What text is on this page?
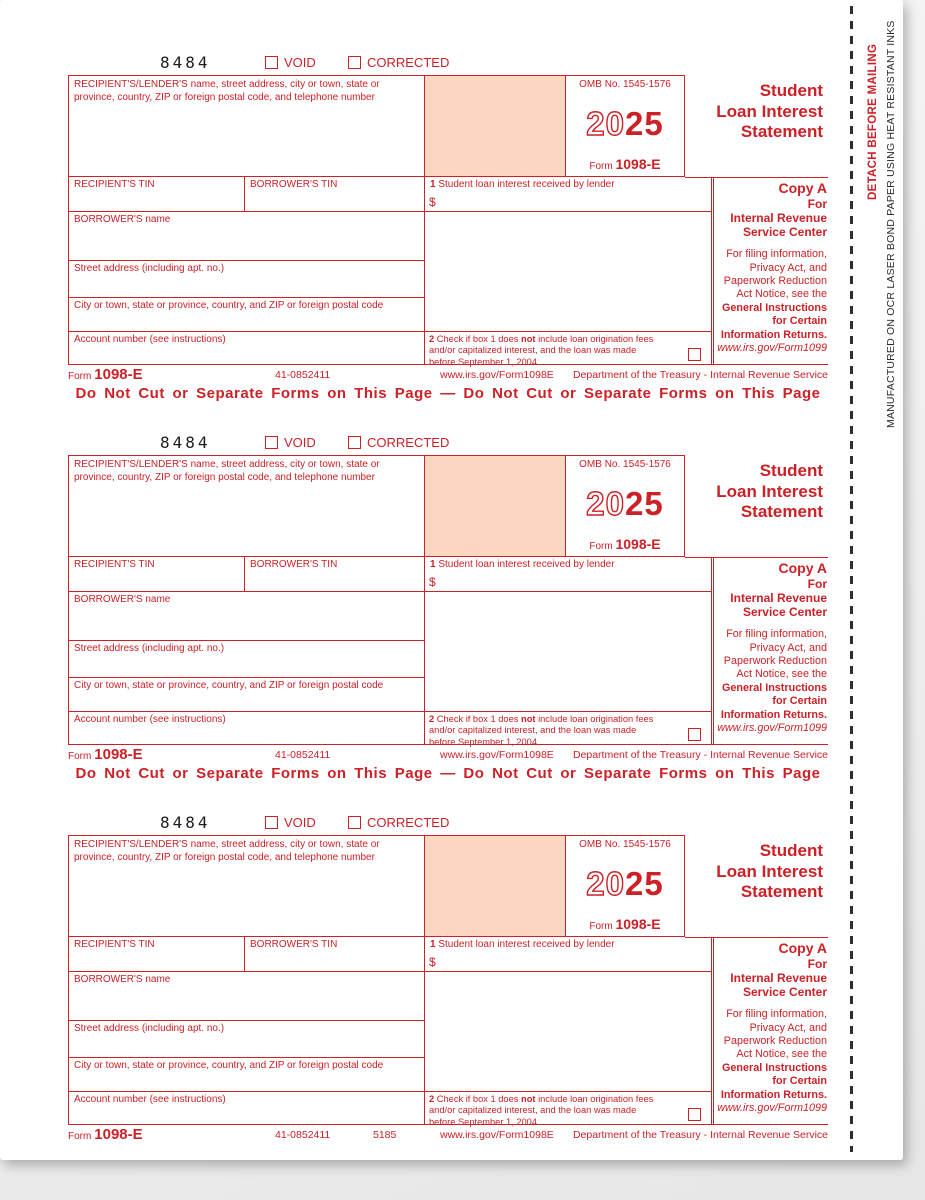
8484	VOID	CORRECTED
RECIPIENT'S/LENDER'S name, street address, city or town, state or province, country, ZIP or foreign postal code, and telephone number
OMB No. 1545-1576
2025
Form 1098-E
Student
Loan Interest
Statement
RECIPIENT'S TIN	BORROWER'S TIN
BORROWER'S name
Street address (including apt. no.)
City or town, state or province, country, and ZIP or foreign postal code
Account number (see instructions)
1 Student loan interest received by lender
$
2 Check if box 1 does not include loan origination fees
and/or capitalized interest, and the loan was made
before September 1, 2004 . . . . . . . . .
Copy A
For
Internal Revenue
Service Center
For filing information,
Privacy Act, and
Paperwork Reduction
Act Notice, see the
General Instructions
for Certain
Information Returns.
www.irs.gov/Form1099
Form 1098-E	41-0852411	www.irs.gov/Form1098E Department of the Treasury - Internal Revenue Service
Do Not Cut or Separate Forms on This Page — Do Not Cut or Separate Forms on This Page
8484	VOID	CORRECTED
RECIPIENT'S/LENDER'S name, street address, city or town, state or province, country, ZIP or foreign postal code, and telephone number
OMB No. 1545-1576
2025
Form 1098-E
Student
Loan Interest
Statement
RECIPIENT'S TIN	BORROWER'S TIN
BORROWER'S name
Street address (including apt. no.)
City or town, state or province, country, and ZIP or foreign postal code
Account number (see instructions)
1 Student loan interest received by lender
$
2 Check if box 1 does not include loan origination fees
and/or capitalized interest, and the loan was made
before September 1, 2004 . . . . . . . . .
Copy A
For
Internal Revenue
Service Center
For filing information,
Privacy Act, and
Paperwork Reduction
Act Notice, see the
General Instructions
for Certain
Information Returns.
www.irs.gov/Form1099
Form 1098-E	41-0852411	www.irs.gov/Form1098E Department of the Treasury - Internal Revenue Service
Do Not Cut or Separate Forms on This Page — Do Not Cut or Separate Forms on This Page
8484	VOID	CORRECTED
RECIPIENT'S/LENDER'S name, street address, city or town, state or province, country, ZIP or foreign postal code, and telephone number
OMB No. 1545-1576
2025
Form 1098-E
Student
Loan Interest
Statement
RECIPIENT'S TIN	BORROWER'S TIN
BORROWER'S name
Street address (including apt. no.)
City or town, state or province, country, and ZIP or foreign postal code
Account number (see instructions)
1 Student loan interest received by lender
$
2 Check if box 1 does not include loan origination fees
and/or capitalized interest, and the loan was made
before September 1, 2004 . . . . . . . . .
Copy A
For
Internal Revenue
Service Center
For filing information,
Privacy Act, and
Paperwork Reduction
Act Notice, see the
General Instructions
for Certain
Information Returns.
www.irs.gov/Form1099
Form 1098-E	41-0852411	5185	www.irs.gov/Form1098E Department of the Treasury - Internal Revenue Service
DETACH BEFORE MAILING MANUFACTURED ON OCR LASER BOND PAPER USING HEAT RESISTANT INKS
